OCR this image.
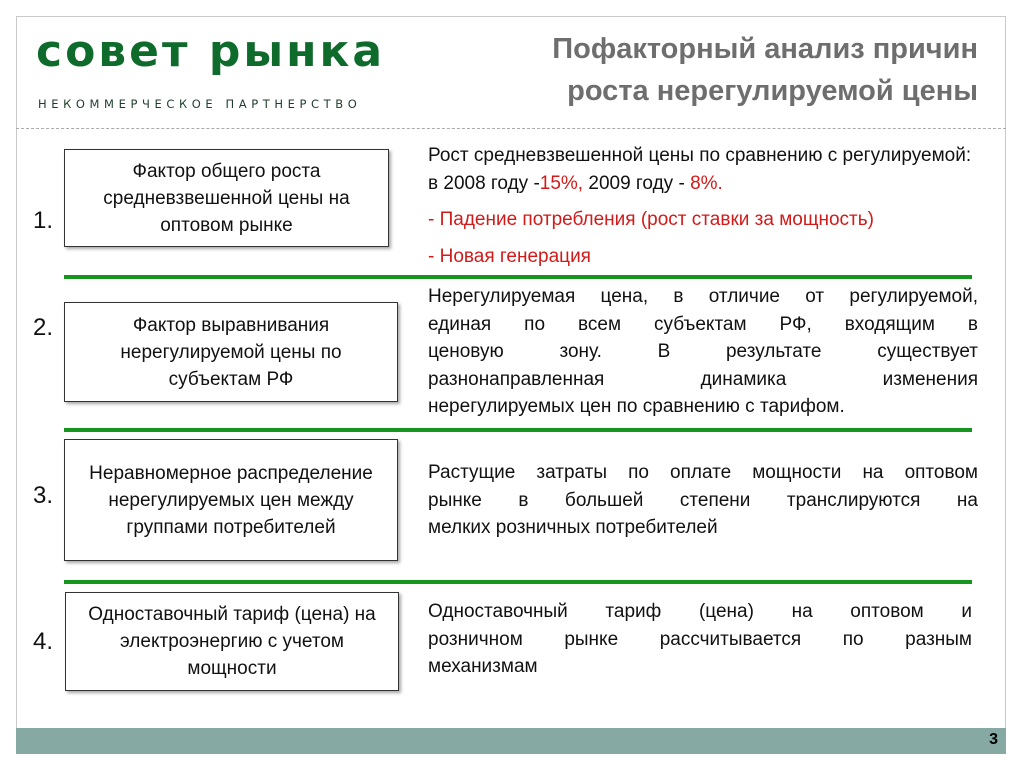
совет рынка
НЕКОММЕРЧЕСКОЕ ПАРТНЕРСТВО
Пофакторный анализ причин
роста нерегулируемой цены
1.
Фактор общего роста средневзвешенной цены на оптовом рынке

Рост средневзвешенной цены по сравнению с регулируемой: в 2008 году -15%, 2009 году - 8%.

- Падение потребления (рост ставки за мощность)

- Новая генерация

2.	Фактор выравнивания нерегулируемой цены по субъектам РФ
Нерегулируемая цена, в отличие от регулируемой,
единая по всем субъектам РФ, входящим в
ценовую зону. В результате существует
разнонаправленная динамика изменения
нерегулируемых цен по сравнению с тарифом.
3.
Неравномерное распределение нерегулируемых цен между группами потребителей
Растущие затраты по оплате мощности на оптовом
рынке в большей степени транслируются на
мелких розничных потребителей
4.
Одноставочный тариф (цена) на электроэнергию с учетом мощности
Одноставочный тариф (цена) на оптовом и
розничном рынке рассчитывается по разным
механизмам
3
